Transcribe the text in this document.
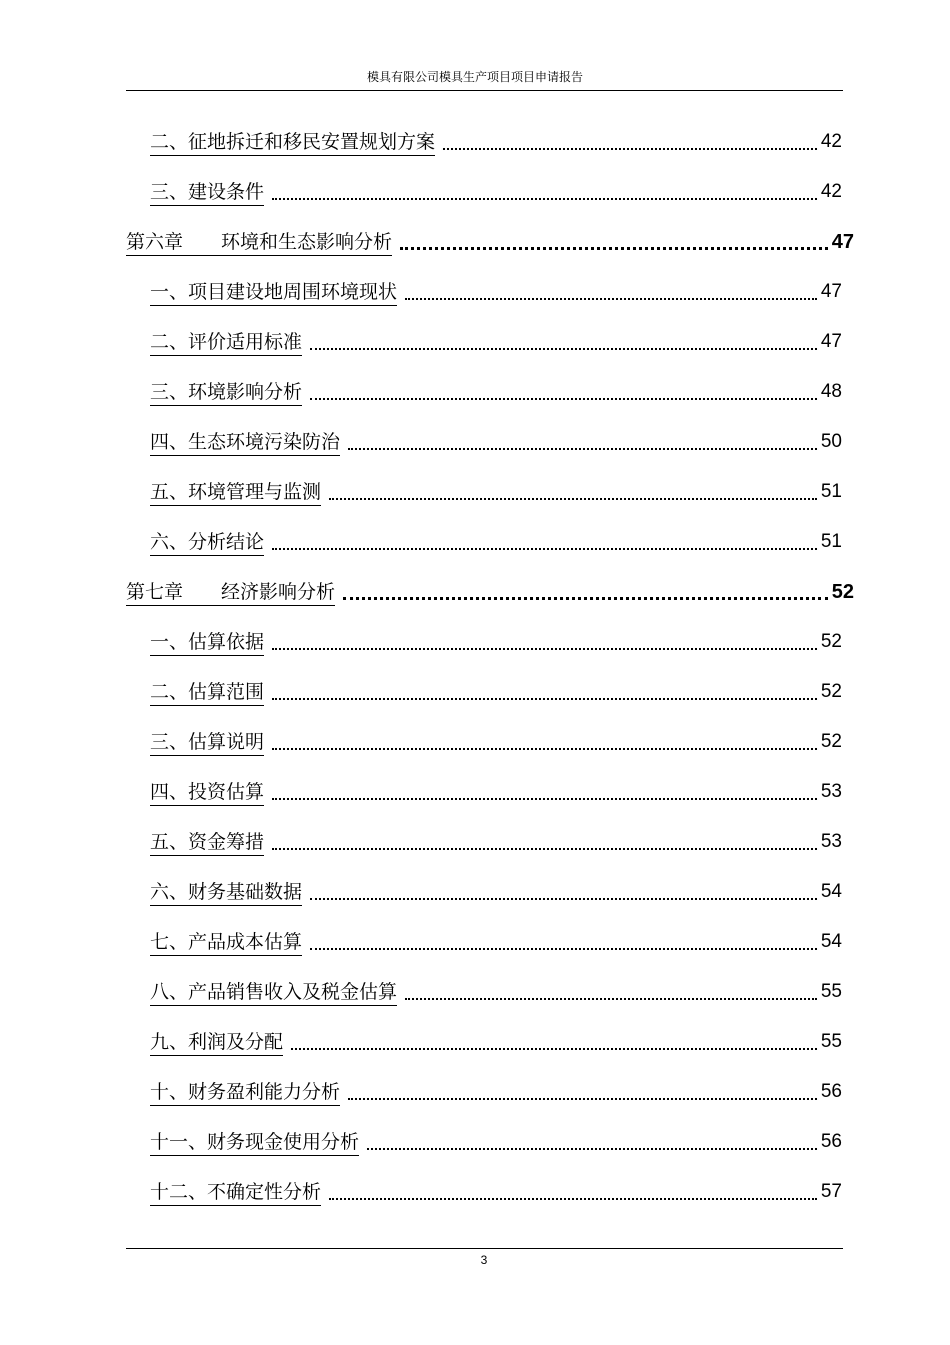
模具有限公司模具生产项目项目申请报告
二、征地拆迁和移民安置规划方案	42
三、建设条件	42
第六章　　环境和生态影响分析	47
一、项目建设地周围环境现状	47
二、评价适用标准	47
三、环境影响分析	48
四、生态环境污染防治	50
五、环境管理与监测	51
六、分析结论	51
第七章　　经济影响分析	52
一、估算依据	52
二、估算范围	52
三、估算说明	52
四、投资估算	53
五、资金筹措	53
六、财务基础数据	54
七、产品成本估算	54
八、产品销售收入及税金估算	55
九、利润及分配	55
十、财务盈利能力分析	56
十一、财务现金使用分析	56
十二、不确定性分析	57
3
